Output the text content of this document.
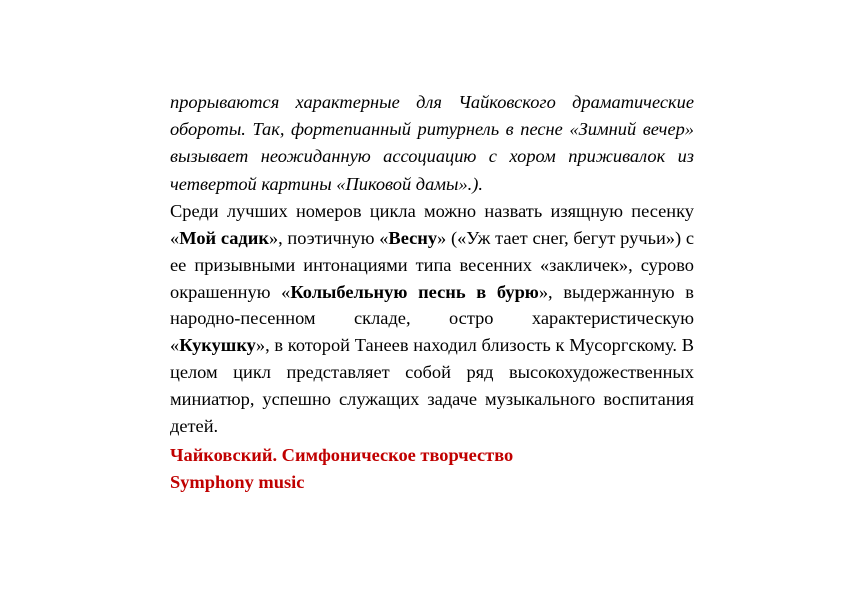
прорываются характерные для Чайковского драматические обороты. Так, фортепианный ритурнель в песне «Зимний вечер» вызывает неожиданную ассоциацию с хором приживалок из четвертой картины «Пиковой дамы».).

Среди лучших номеров цикла можно назвать изящную песенку «Мой садик», поэтичную «Весну» («Уж тает снег, бегут ручьи») с ее призывными интонациями типа весенних «закличек», сурово окрашенную «Колыбельную песнь в бурю», выдержанную в народно-песенном складе, остро характеристическую «Кукушку», в которой Танеев находил близость к Мусоргскому. В целом цикл представляет собой ряд высокохудожественных миниатюр, успешно служащих задаче музыкального воспитания детей.

Чайковский. Симфоническое творчество

Symphony music
